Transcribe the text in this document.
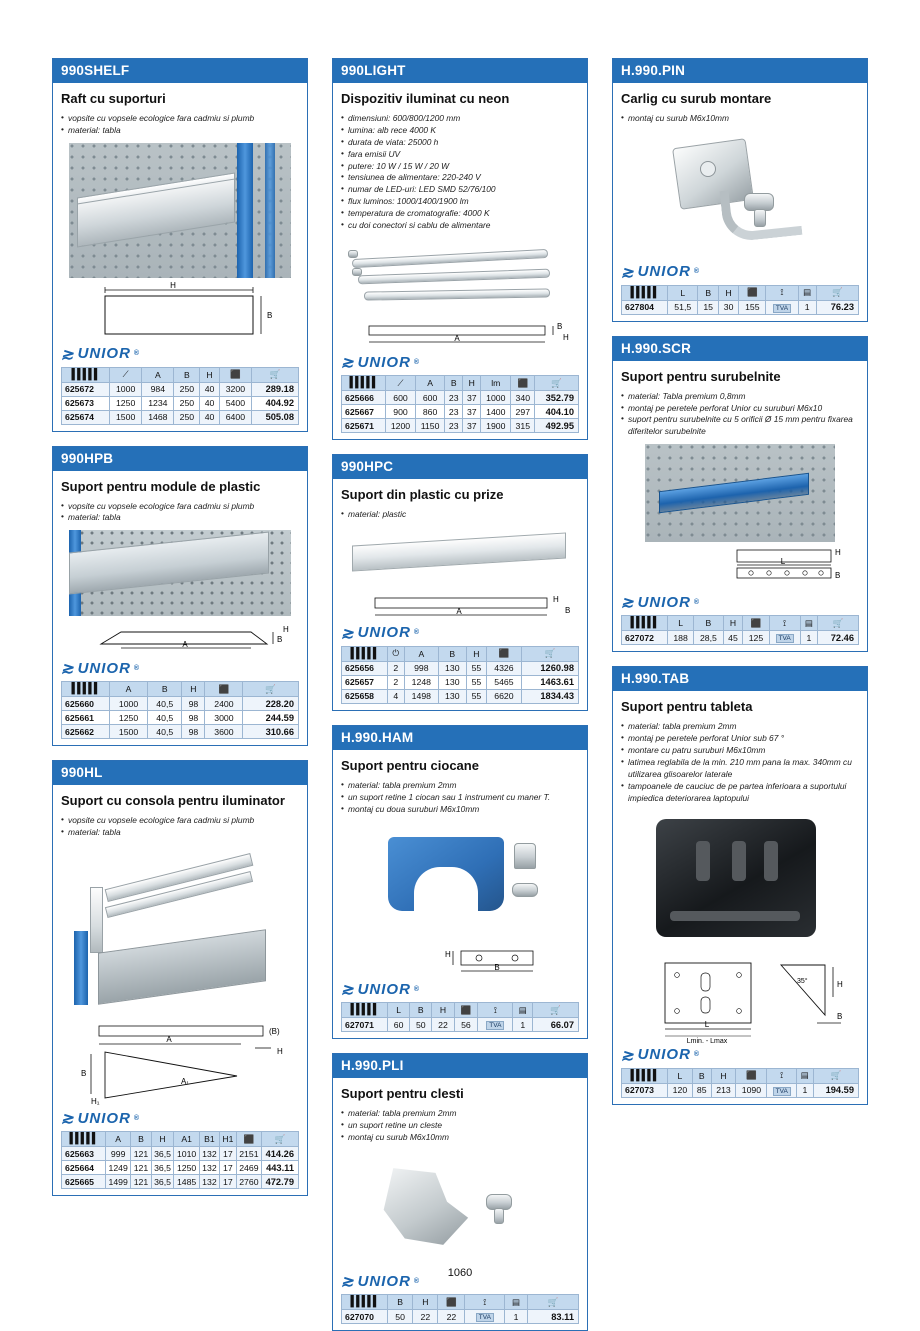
990SHELF
Raft cu suporturi
• vopsite cu vopsele ecologice fara cadmiu si plumb
• material: tabla
H
B
≳ UNIOR ®
▌▌▌▌▌	⟋	A	B	H	⬛	🛒
625672	1000	984	250	40	3200	289.18
625673	1250	1234	250	40	5400	404.92
625674	1500	1468	250	40	6400	505.08
990HPB
Suport pentru module de plastic
• vopsite cu vopsele ecologice fara cadmiu si plumb
• material: tabla
A
B
H
≳ UNIOR ®
▌▌▌▌▌	A	B	H	⬛	🛒
625660	1000	40,5	98	2400	228.20
625661	1250	40,5	98	3000	244.59
625662	1500	40,5	98	3600	310.66
990HL
Suport cu consola pentru iluminator
• vopsite cu vopsele ecologice fara cadmiu si plumb
• material: tabla
A
(B)
H
B
A₁
H₁
≳ UNIOR ®
▌▌▌▌▌	A	B	H	A1	B1	H1	⬛	🛒
625663	999	121	36,5	1010	132	17	2151	414.26
625664	1249	121	36,5	1250	132	17	2469	443.11
625665	1499	121	36,5	1485	132	17	2760	472.79
990LIGHT
Dispozitiv iluminat cu neon
• dimensiuni: 600/800/1200 mm
• lumina: alb rece 4000 K
• durata de viata: 25000 h
• fara emisii UV
• putere: 10 W / 15 W / 20 W
• tensiunea de alimentare: 220-240 V
• numar de LED-uri: LED SMD 52/76/100
• flux luminos: 1000/1400/1900 lm
• temperatura de cromatografie: 4000 K
• cu doi conectori si cablu de alimentare
A
B
H
≳ UNIOR ®
▌▌▌▌▌	⟋	A	B	H	lm	⬛	🛒
625666	600	600	23	37	1000	340	352.79
625667	900	860	23	37	1400	297	404.10
625671	1200	1150	23	37	1900	315	492.95
990HPC
Suport din plastic cu prize
• material: plastic
A
H
B
≳ UNIOR ®
▌▌▌▌▌	⏻	A	B	H	⬛	🛒
625656	2	998	130	55	4326	1260.98
625657	2	1248	130	55	5465	1463.61
625658	4	1498	130	55	6620	1834.43
H.990.HAM
Suport pentru ciocane
• material: tabla premium 2mm
• un suport retine 1 ciocan sau 1 instrument cu maner T.
• montaj cu doua suruburi M6x10mm
H
B
≳ UNIOR ®
▌▌▌▌▌	L	B	H	⬛	⟟	▤	🛒
627071	60	50	22	56	TVA	1	66.07
H.990.PLI
Suport pentru clesti
• material: tabla premium 2mm
• un suport retine un cleste
• montaj cu surub M6x10mm
≳ UNIOR ®
▌▌▌▌▌	B	H	⬛	⟟	▤	🛒
627070	50	22	22	TVA	1	83.11
H.990.PIN
Carlig cu surub montare
• montaj cu surub M6x10mm
≳ UNIOR ®
▌▌▌▌▌	L	B	H	⬛	⟟	▤	🛒
627804	51,5	15	30	155	TVA	1	76.23
H.990.SCR
Suport pentru surubelnite
• material: Tabla premium 0,8mm
• montaj pe peretele perforat Unior cu suruburi M6x10
• suport pentru surubelnite cu 5 orificii Ø 15 mm pentru fixarea diferitelor surubelnite
L
H
B
≳ UNIOR ®
▌▌▌▌▌	L	B	H	⬛	⟟	▤	🛒
627072	188	28,5	45	125	TVA	1	72.46
H.990.TAB
Suport pentru tableta
• material: tabla premium 2mm
• montaj pe peretele perforat Unior sub 67 °
• montare cu patru suruburi M6x10mm
• latimea reglabila de la min. 210 mm pana la max. 340mm cu utilizarea glisoarelor laterale
• tampoanele de cauciuc de pe partea inferioara a suportului impiedica deteriorarea laptopului
L
Lmin. - Lmax
35°	H
B
≳ UNIOR ®
▌▌▌▌▌	L	B	H	⬛	⟟	▤	🛒
627073	120	85	213	1090	TVA	1	194.59
1060
